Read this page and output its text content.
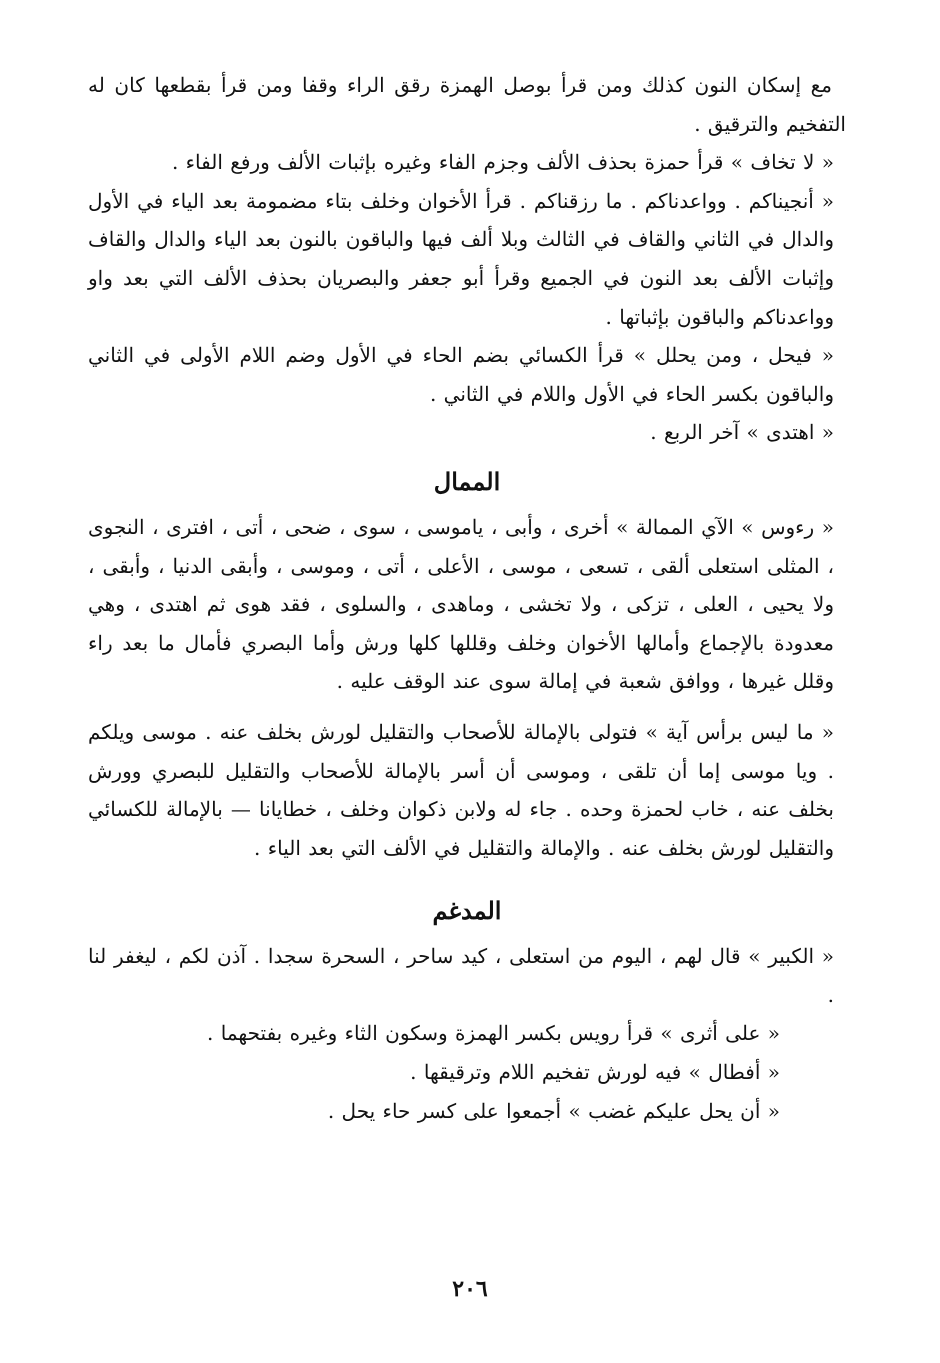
مع إسكان النون كذلك ومن قرأ بوصل الهمزة رقق الراء وقفا ومن قرأ بقطعها كان له التفخيم والترقيق .

« لا تخاف » قرأ حمزة بحذف الألف وجزم الفاء وغيره بإثبات الألف ورفع الفاء .

« أنجيناكم . وواعدناكم . ما رزقناكم . قرأ الأخوان وخلف بتاء مضمومة بعد الياء في الأول والدال في الثاني والقاف في الثالث وبلا ألف فيها والباقون بالنون بعد الياء والدال والقاف وإثبات الألف بعد النون في الجميع وقرأ أبو جعفر والبصريان بحذف الألف التي بعد واو وواعدناكم والباقون بإثباتها .

« فيحل ، ومن يحلل » قرأ الكسائي بضم الحاء في الأول وضم اللام الأولى في الثاني والباقون بكسر الحاء في الأول واللام في الثاني .

« اهتدى » آخر الربع .

الممال

« رءوس » الآي الممالة » أخرى ، وأبى ، ياموسى ، سوى ، ضحى ، أتى ، افترى ، النجوى ، المثلى استعلى ألقى ، تسعى ، موسى ، الأعلى ، أتى ، وموسى ، وأبقى الدنيا ، وأبقى ، ولا يحيى ، العلى ، تزكى ، ولا تخشى ، وماهدى ، والسلوى ، فقد هوى ثم اهتدى ، وهي معدودة بالإجماع وأمالها الأخوان وخلف وقللها كلها ورش وأما البصري فأمال ما بعد راء وقلل غيرها ، ووافق شعبة في إمالة سوى عند الوقف عليه .

« ما ليس برأس آية » فتولى بالإمالة للأصحاب والتقليل لورش بخلف عنه . موسى ويلكم . ويا موسى إما أن تلقى ، وموسى أن أسر بالإمالة للأصحاب والتقليل للبصري وورش بخلف عنه ، خاب لحمزة وحده . جاء له ولابن ذكوان وخلف ، خطايانا — بالإمالة للكسائي والتقليل لورش بخلف عنه . والإمالة والتقليل في الألف التي بعد الياء .

المدغم

« الكبير » قال لهم ، اليوم من استعلى ، كيد ساحر ، السحرة سجدا . آذن لكم ، ليغفر لنا .

« على أثرى » قرأ رويس بكسر الهمزة وسكون الثاء وغيره بفتحهما .

« أفطال » فيه لورش تفخيم اللام وترقيقها .

« أن يحل عليكم غضب » أجمعوا على كسر حاء يحل .

٢٠٦
